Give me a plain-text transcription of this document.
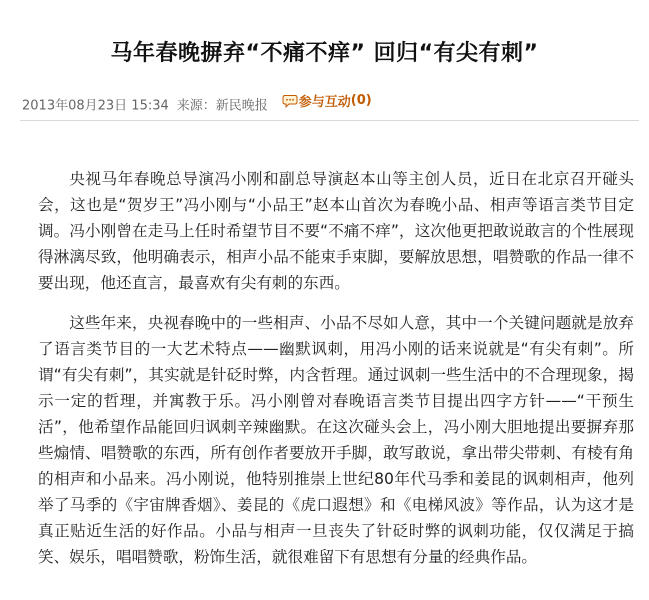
马年春晚摒弃“不痛不痒” 回归“有尖有刺”
2013年08月23日 15:34 来源：新民晚报 参与互动 (0)

央视马年春晚总导演冯小刚和副总导演赵本山等主创人员，近日在北京召开碰头会，这也是“贺岁王”冯小刚与“小品王”赵本山首次为春晚小品、相声等语言类节目定调。冯小刚曾在走马上任时希望节目不要“不痛不痒”，这次他更把敢说敢言的个性展现得淋漓尽致，他明确表示，相声小品不能束手束脚，要解放思想，唱赞歌的作品一律不要出现，他还直言，最喜欢有尖有刺的东西。

这些年来，央视春晚中的一些相声、小品不尽如人意，其中一个关键问题就是放弃了语言类节目的一大艺术特点——幽默讽刺，用冯小刚的话来说就是“有尖有刺”。所谓“有尖有刺”，其实就是针砭时弊，内含哲理。通过讽刺一些生活中的不合理现象，揭示一定的哲理，并寓教于乐。冯小刚曾对春晚语言类节目提出四字方针——“干预生活”，他希望作品能回归讽刺辛辣幽默。在这次碰头会上，冯小刚大胆地提出要摒弃那些煽情、唱赞歌的东西，所有创作者要放开手脚，敢写敢说，拿出带尖带刺、有棱有角的相声和小品来。冯小刚说，他特别推崇上世纪80年代马季和姜昆的讽刺相声，他列举了马季的《宇宙牌香烟》、姜昆的《虎口遐想》和《电梯风波》等作品，认为这才是真正贴近生活的好作品。小品与相声一旦丧失了针砭时弊的讽刺功能，仅仅满足于搞笑、娱乐，唱唱赞歌，粉饰生活，就很难留下有思想有分量的经典作品。
